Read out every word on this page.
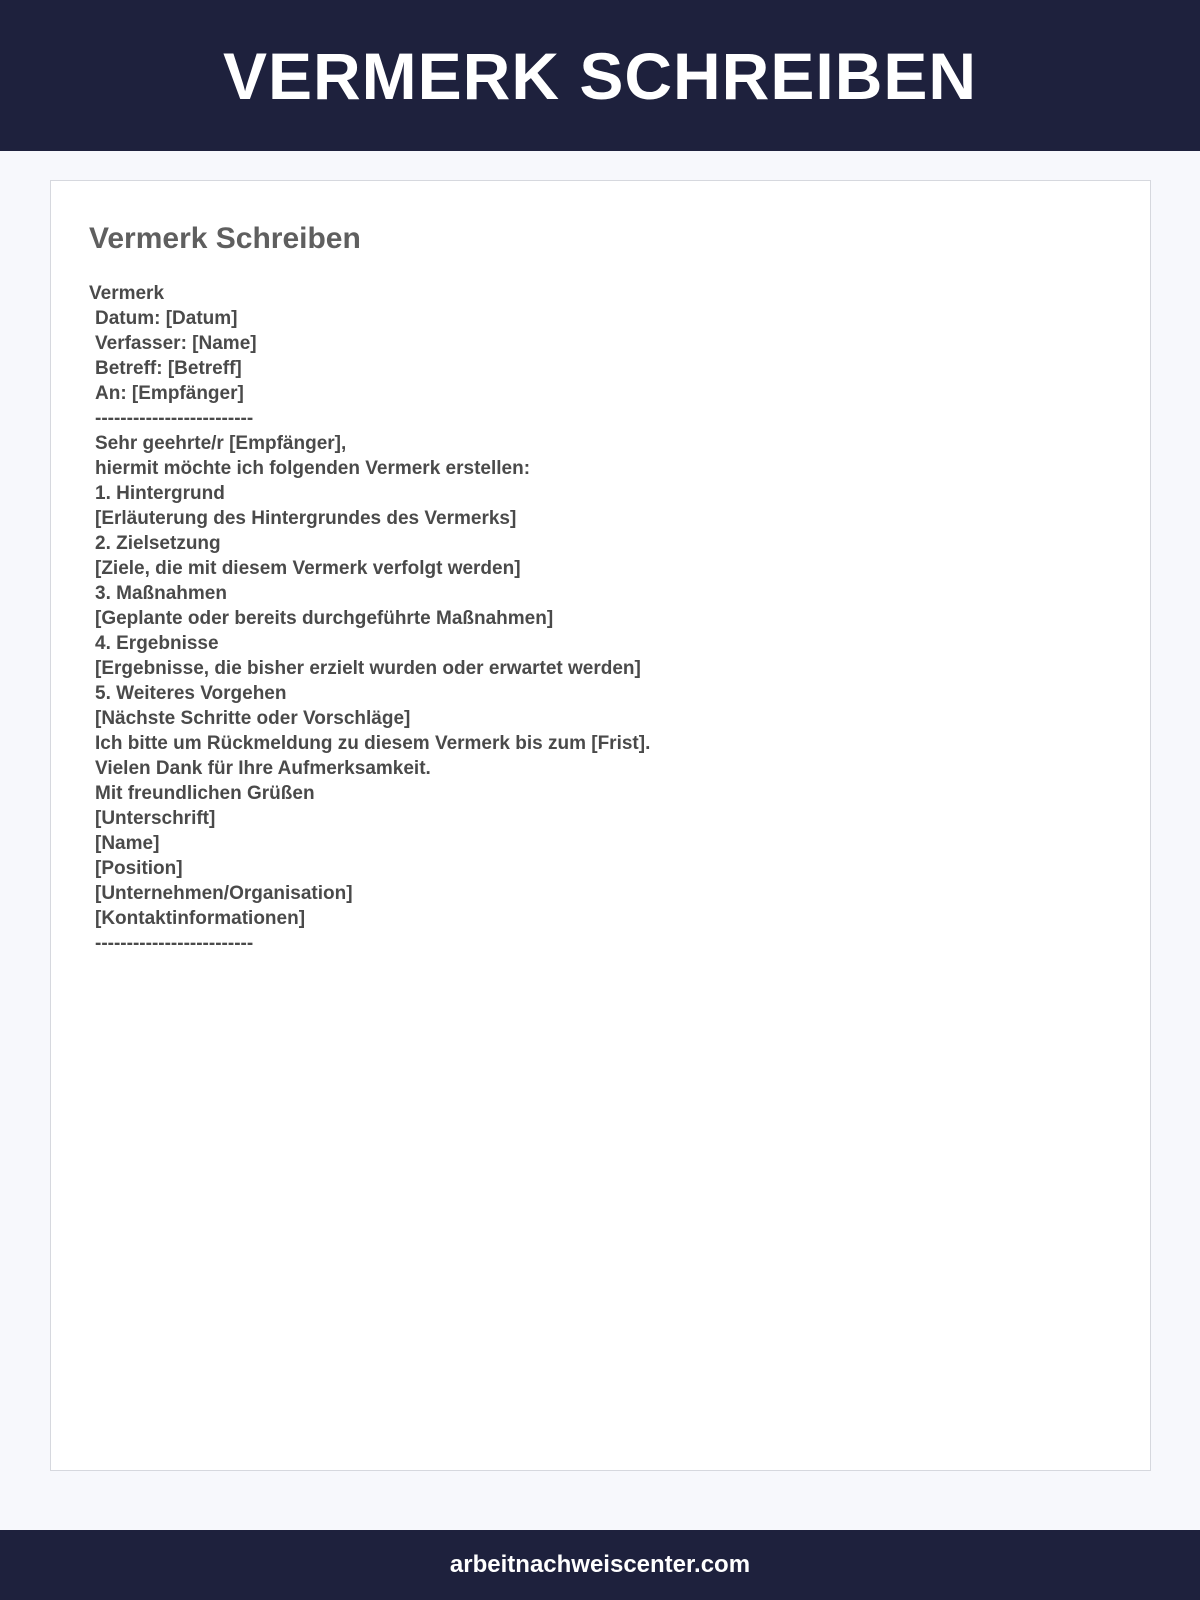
VERMERK SCHREIBEN
Vermerk Schreiben
Vermerk
Datum: [Datum]
Verfasser: [Name]
Betreff: [Betreff]
An: [Empfänger]
-------------------------
Sehr geehrte/r [Empfänger],
hiermit möchte ich folgenden Vermerk erstellen:
1. Hintergrund
[Erläuterung des Hintergrundes des Vermerks]
2. Zielsetzung
[Ziele, die mit diesem Vermerk verfolgt werden]
3. Maßnahmen
[Geplante oder bereits durchgeführte Maßnahmen]
4. Ergebnisse
[Ergebnisse, die bisher erzielt wurden oder erwartet werden]
5. Weiteres Vorgehen
[Nächste Schritte oder Vorschläge]
Ich bitte um Rückmeldung zu diesem Vermerk bis zum [Frist].
Vielen Dank für Ihre Aufmerksamkeit.
Mit freundlichen Grüßen
[Unterschrift]
[Name]
[Position]
[Unternehmen/Organisation]
[Kontaktinformationen]
-------------------------
arbeitnachweiscenter.com
